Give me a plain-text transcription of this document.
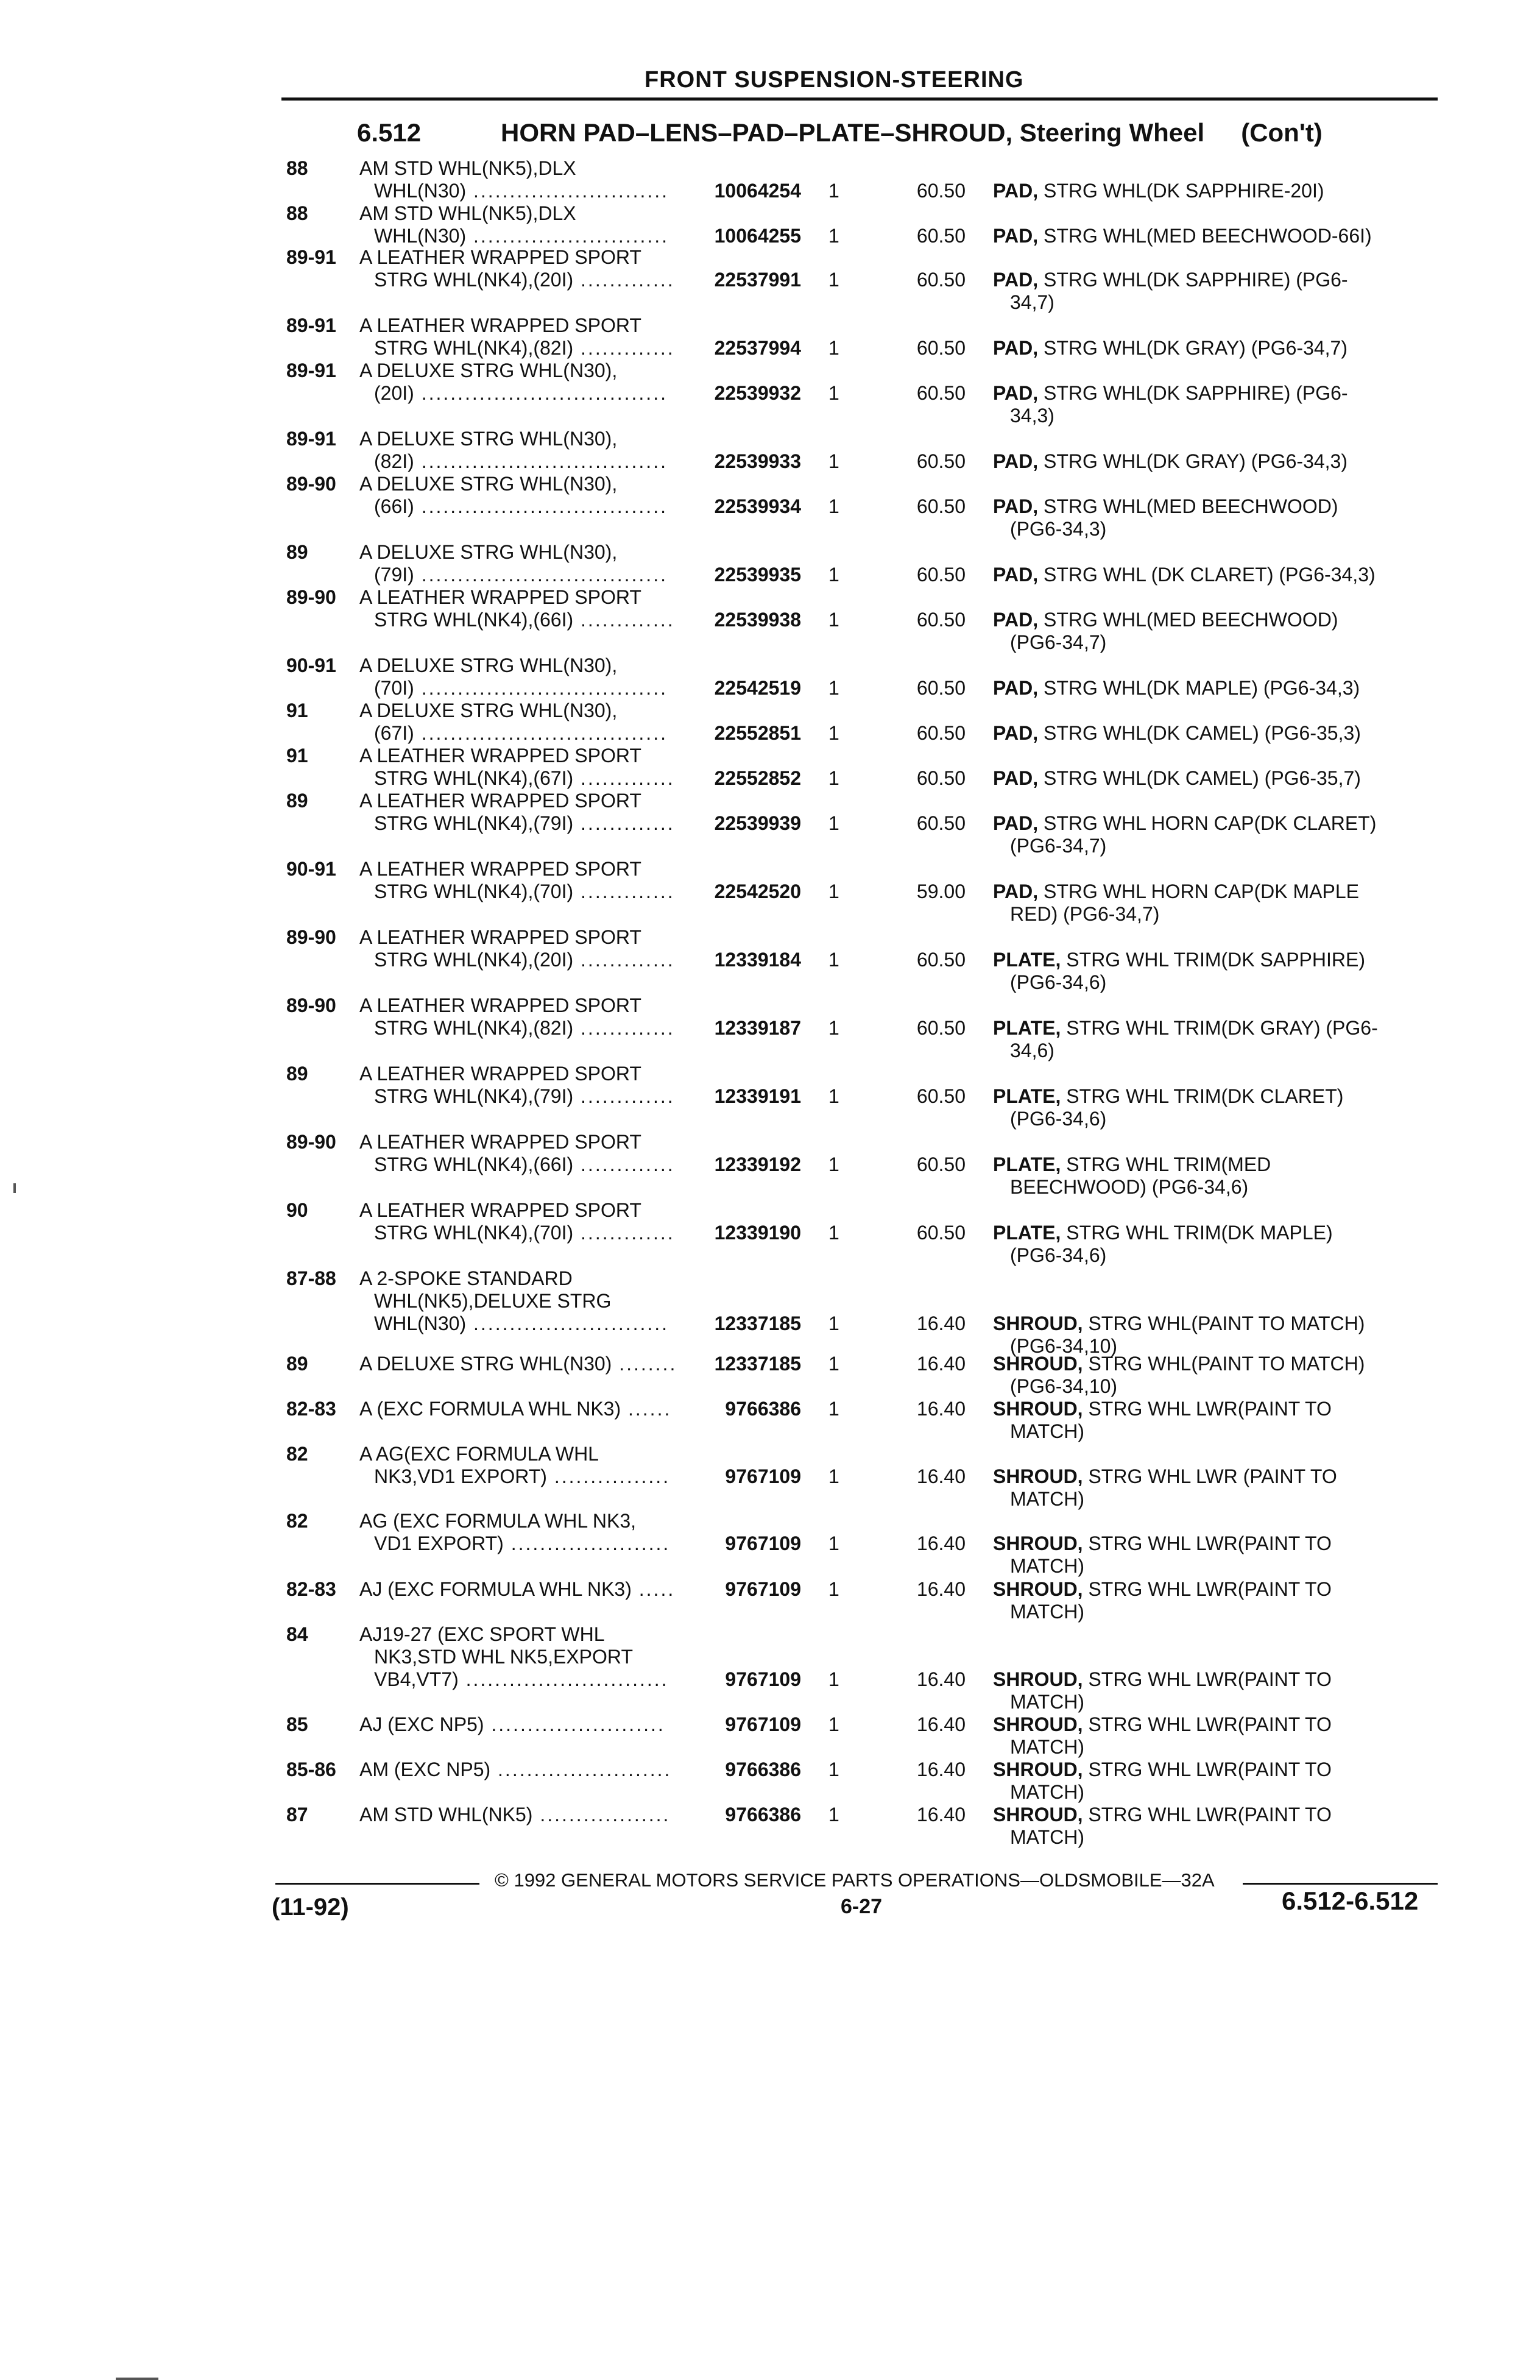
FRONT SUSPENSION-STEERING
6.512	HORN PAD–LENS–PAD–PLATE–SHROUD, Steering Wheel (Con't)
88	AM STD WHL(NK5),DLX
WHL(N30) ...........................	10064254 1	60.50 PAD, STRG WHL(DK SAPPHIRE-20I)
88	AM STD WHL(NK5),DLX
WHL(N30) ...........................	10064255 1	60.50 PAD, STRG WHL(MED BEECHWOOD-66I)
89-91 A LEATHER WRAPPED SPORT
STRG WHL(NK4),(20I) .............	22537991 1	60.50 PAD, STRG WHL(DK SAPPHIRE) (PG6-
34,7)
89-91 A LEATHER WRAPPED SPORT
STRG WHL(NK4),(82I) .............	22537994 1	60.50 PAD, STRG WHL(DK GRAY) (PG6-34,7)
89-91 A DELUXE STRG WHL(N30),
(20I) ..................................	22539932 1	60.50 PAD, STRG WHL(DK SAPPHIRE) (PG6-
34,3)
89-91 A DELUXE STRG WHL(N30),
(82I) ..................................	22539933 1	60.50 PAD, STRG WHL(DK GRAY) (PG6-34,3)
89-90 A DELUXE STRG WHL(N30),
(66I) ..................................	22539934 1	60.50 PAD, STRG WHL(MED BEECHWOOD)
(PG6-34,3)
89	A DELUXE STRG WHL(N30),
(79I) ..................................	22539935 1	60.50 PAD, STRG WHL (DK CLARET) (PG6-34,3)
89-90 A LEATHER WRAPPED SPORT
STRG WHL(NK4),(66I) .............	22539938 1	60.50 PAD, STRG WHL(MED BEECHWOOD)
(PG6-34,7)
90-91 A DELUXE STRG WHL(N30),
(70I) ..................................	22542519 1	60.50 PAD, STRG WHL(DK MAPLE) (PG6-34,3)
91	A DELUXE STRG WHL(N30),
(67I) ..................................	22552851 1	60.50 PAD, STRG WHL(DK CAMEL) (PG6-35,3)
91	A LEATHER WRAPPED SPORT
STRG WHL(NK4),(67I) .............	22552852 1	60.50 PAD, STRG WHL(DK CAMEL) (PG6-35,7)
89	A LEATHER WRAPPED SPORT
STRG WHL(NK4),(79I) .............	22539939 1	60.50 PAD, STRG WHL HORN CAP(DK CLARET)
(PG6-34,7)
90-91 A LEATHER WRAPPED SPORT
STRG WHL(NK4),(70I) .............	22542520 1	59.00 PAD, STRG WHL HORN CAP(DK MAPLE
RED) (PG6-34,7)
89-90 A LEATHER WRAPPED SPORT
STRG WHL(NK4),(20I) .............	12339184 1	60.50 PLATE, STRG WHL TRIM(DK SAPPHIRE)
(PG6-34,6)
89-90 A LEATHER WRAPPED SPORT
STRG WHL(NK4),(82I) .............	12339187 1	60.50 PLATE, STRG WHL TRIM(DK GRAY) (PG6-
34,6)
89	A LEATHER WRAPPED SPORT
STRG WHL(NK4),(79I) .............	12339191 1	60.50 PLATE, STRG WHL TRIM(DK CLARET)
(PG6-34,6)
89-90 A LEATHER WRAPPED SPORT
STRG WHL(NK4),(66I) .............	12339192 1	60.50 PLATE, STRG WHL TRIM(MED
BEECHWOOD) (PG6-34,6)
90	A LEATHER WRAPPED SPORT
STRG WHL(NK4),(70I) .............	12339190 1	60.50 PLATE, STRG WHL TRIM(DK MAPLE)
(PG6-34,6)
87-88 A 2-SPOKE STANDARD
WHL(NK5),DELUXE STRG
WHL(N30) ...........................	12337185 1	16.40 SHROUD, STRG WHL(PAINT TO MATCH)
(PG6-34,10)
89	A DELUXE STRG WHL(N30) ........	12337185 1	16.40 SHROUD, STRG WHL(PAINT TO MATCH)
(PG6-34,10)
82-83 A (EXC FORMULA WHL NK3) ......	9766386 1	16.40 SHROUD, STRG WHL LWR(PAINT TO
MATCH)
82	A AG(EXC FORMULA WHL
NK3,VD1 EXPORT) ................	9767109 1	16.40 SHROUD, STRG WHL LWR (PAINT TO
MATCH)
82	AG (EXC FORMULA WHL NK3,
VD1 EXPORT) ......................	9767109 1	16.40 SHROUD, STRG WHL LWR(PAINT TO
MATCH)
82-83 AJ (EXC FORMULA WHL NK3) .....	9767109 1	16.40 SHROUD, STRG WHL LWR(PAINT TO
MATCH)
84	AJ19-27 (EXC SPORT WHL
NK3,STD WHL NK5,EXPORT
VB4,VT7) ............................	9767109 1	16.40 SHROUD, STRG WHL LWR(PAINT TO
MATCH)
85	AJ (EXC NP5) ........................	9767109 1	16.40 SHROUD, STRG WHL LWR(PAINT TO
MATCH)
85-86 AM (EXC NP5) ........................	9766386 1	16.40 SHROUD, STRG WHL LWR(PAINT TO
MATCH)
87	AM STD WHL(NK5) ..................	9766386 1	16.40 SHROUD, STRG WHL LWR(PAINT TO
MATCH)
© 1992 GENERAL MOTORS SERVICE PARTS OPERATIONS—OLDSMOBILE—32A
(11-92)	6-27	6.512-6.512
